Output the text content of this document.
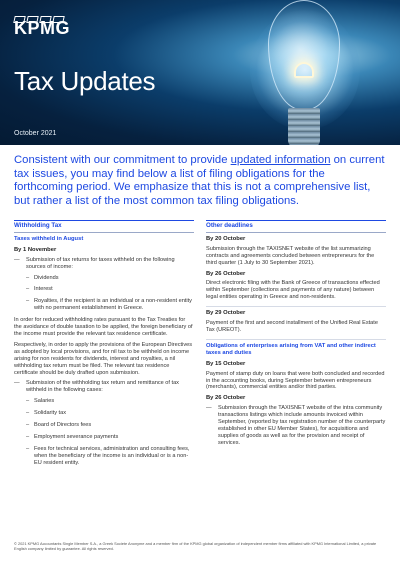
KPMG
Tax Updates
October 2021
Consistent with our commitment to provide updated information on current tax issues, you may find below a list of filing obligations for the forthcoming period. We emphasize that this is not a comprehensive list, but rather a list of the most common tax filing obligations.
Withholding Tax
Taxes withheld in August
By 1 November
— Submission of tax returns for taxes withheld on the following sources of income:
– Dividends
– Interest
– Royalties, if the recipient is an individual or a non-resident entity with no permanent establishment in Greece.
In order for reduced withholding rates pursuant to the Tax Treaties for the avoidance of double taxation to be applied, the foreign beneficiary of the income must provide the relevant tax residence certificate.
Respectively, in order to apply the provisions of the European Directives as adopted by local provisions, and for nil tax to be withheld on income arising for non residents for dividends, interest and royalties, a nil withholding tax return must be filed. The relevant tax residence certificate should be duly drafted upon submission.
— Submission of the withholding tax return and remittance of tax withheld in the following cases:
– Salaries
– Solidarity tax
– Board of Directors fees
– Employment severance payments
– Fees for technical services, administration and consulting fees, when the beneficiary of the income is an individual or is a non-EU resident entity.
Other deadlines
By 20 October
Submission through the TAXISNET website of the list summarizing contracts and agreements concluded between entrepreneurs for the third quarter (1 July to 30 September 2021).
By 26 October
Direct electronic filing with the Bank of Greece of transactions effected within September (collections and payments of any nature) between legal entities operating in Greece and non-residents.
By 29 October
Payment of the first and second installment of the Unified Real Estate Tax (UREOT).
Obligations of enterprises arising from VAT and other indirect taxes and duties
By 15 October
Payment of stamp duty on loans that were both concluded and recorded in the accounting books, during September between entrepreneurs (merchants), commercial entities and/or third parties.
By 26 October
— Submission through the TAXISNET website of the intra community transactions listings which include amounts invoiced within September, (reported by tax registration number of the counterparty established in other EU Member States), for acquisitions and supplies of goods as well as for the provision and receipt of services.
© 2021 KPMG Accountants Single Member S.A., a Greek Societe Anonyme and a member firm of the KPMG global organization of independent member firms affiliated with KPMG International Limited, a private English company limited by guarantee. All rights reserved.
